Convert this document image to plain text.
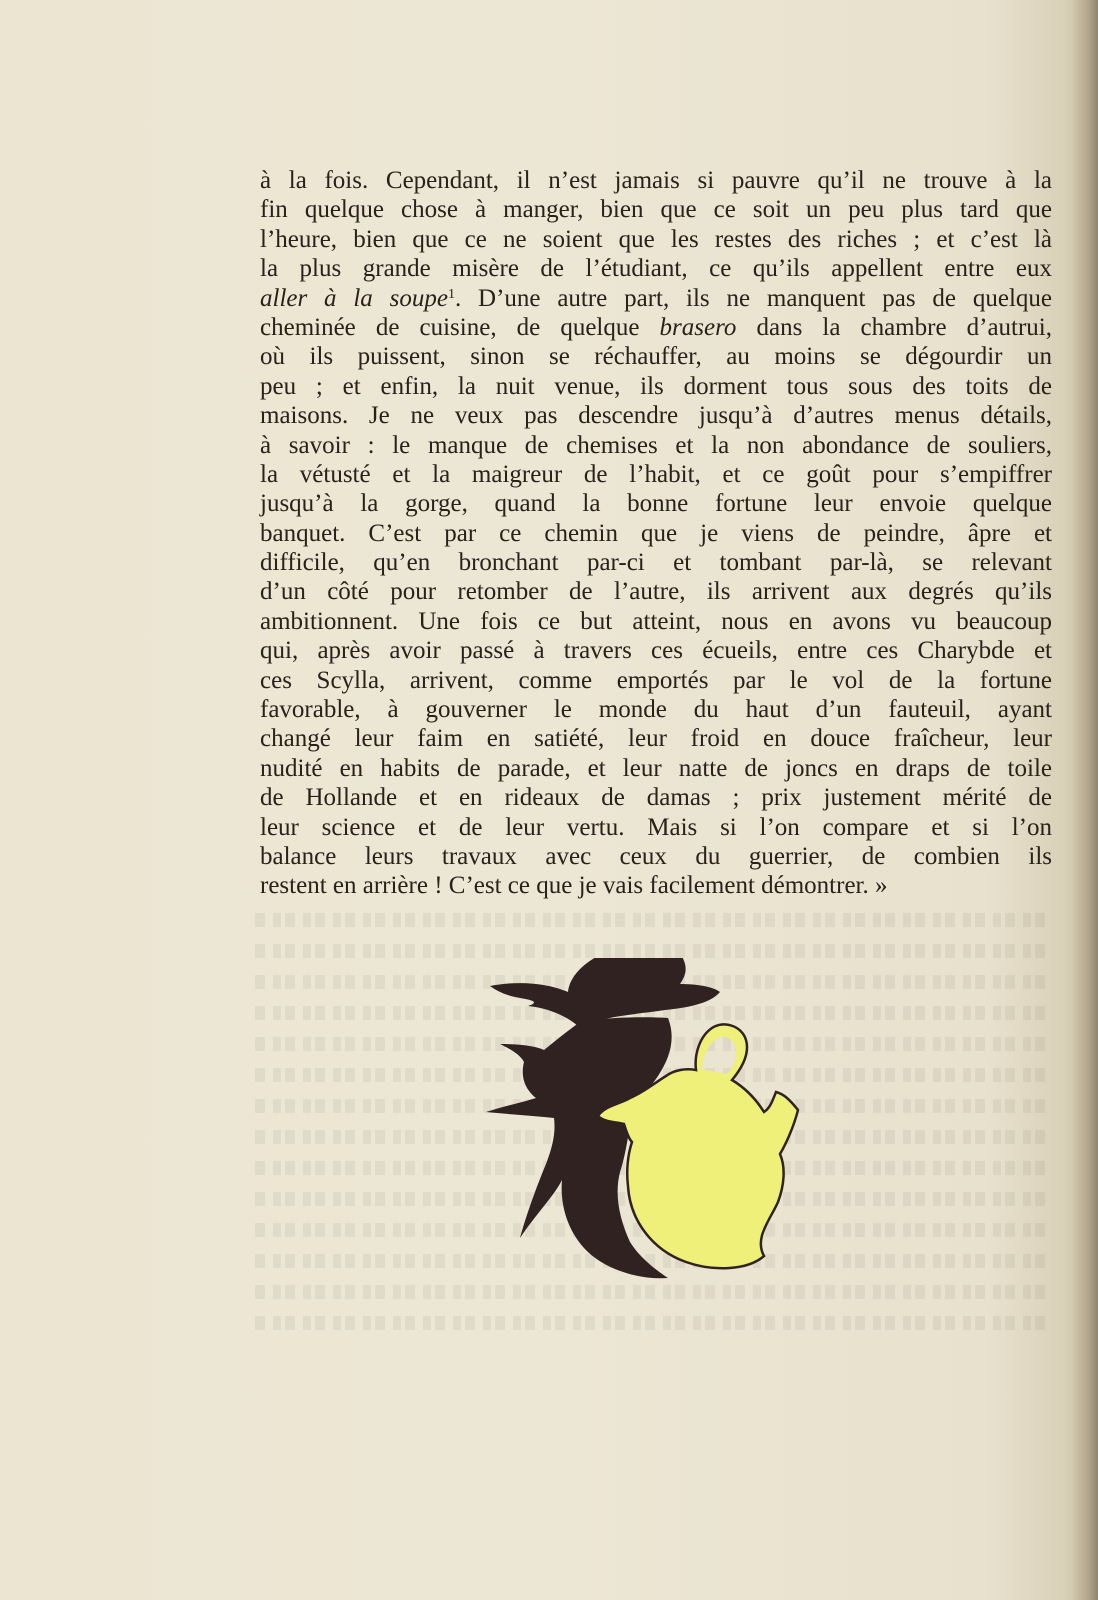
à la fois. Cependant, il n’est jamais si pauvre qu’il ne trouve à la
fin quelque chose à manger, bien que ce soit un peu plus tard que
l’heure, bien que ce ne soient que les restes des riches ; et c’est là
la plus grande misère de l’étudiant, ce qu’ils appellent entre eux
aller à la soupe$^1$. D’une autre part, ils ne manquent pas de quelque
cheminée de cuisine, de quelque brasero dans la chambre d’autrui,
où ils puissent, sinon se réchauffer, au moins se dégourdir un
peu ; et enfin, la nuit venue, ils dorment tous sous des toits de
maisons. Je ne veux pas descendre jusqu’à d’autres menus détails,
à savoir : le manque de chemises et la non abondance de souliers,
la vétusté et la maigreur de l’habit, et ce goût pour s’empiffrer
jusqu’à la gorge, quand la bonne fortune leur envoie quelque
banquet. C’est par ce chemin que je viens de peindre, âpre et
difficile, qu’en bronchant par-ci et tombant par-là, se relevant
d’un côté pour retomber de l’autre, ils arrivent aux degrés qu’ils
ambitionnent. Une fois ce but atteint, nous en avons vu beaucoup
qui, après avoir passé à travers ces écueils, entre ces Charybde et
ces Scylla, arrivent, comme emportés par le vol de la fortune
favorable, à gouverner le monde du haut d’un fauteuil, ayant
changé leur faim en satiété, leur froid en douce fraîcheur, leur
nudité en habits de parade, et leur natte de joncs en draps de toile
de Hollande et en rideaux de damas ; prix justement mérité de
leur science et de leur vertu. Mais si l’on compare et si l’on
balance leurs travaux avec ceux du guerrier, de combien ils
restent en arrière ! C’est ce que je vais facilement démontrer. »
